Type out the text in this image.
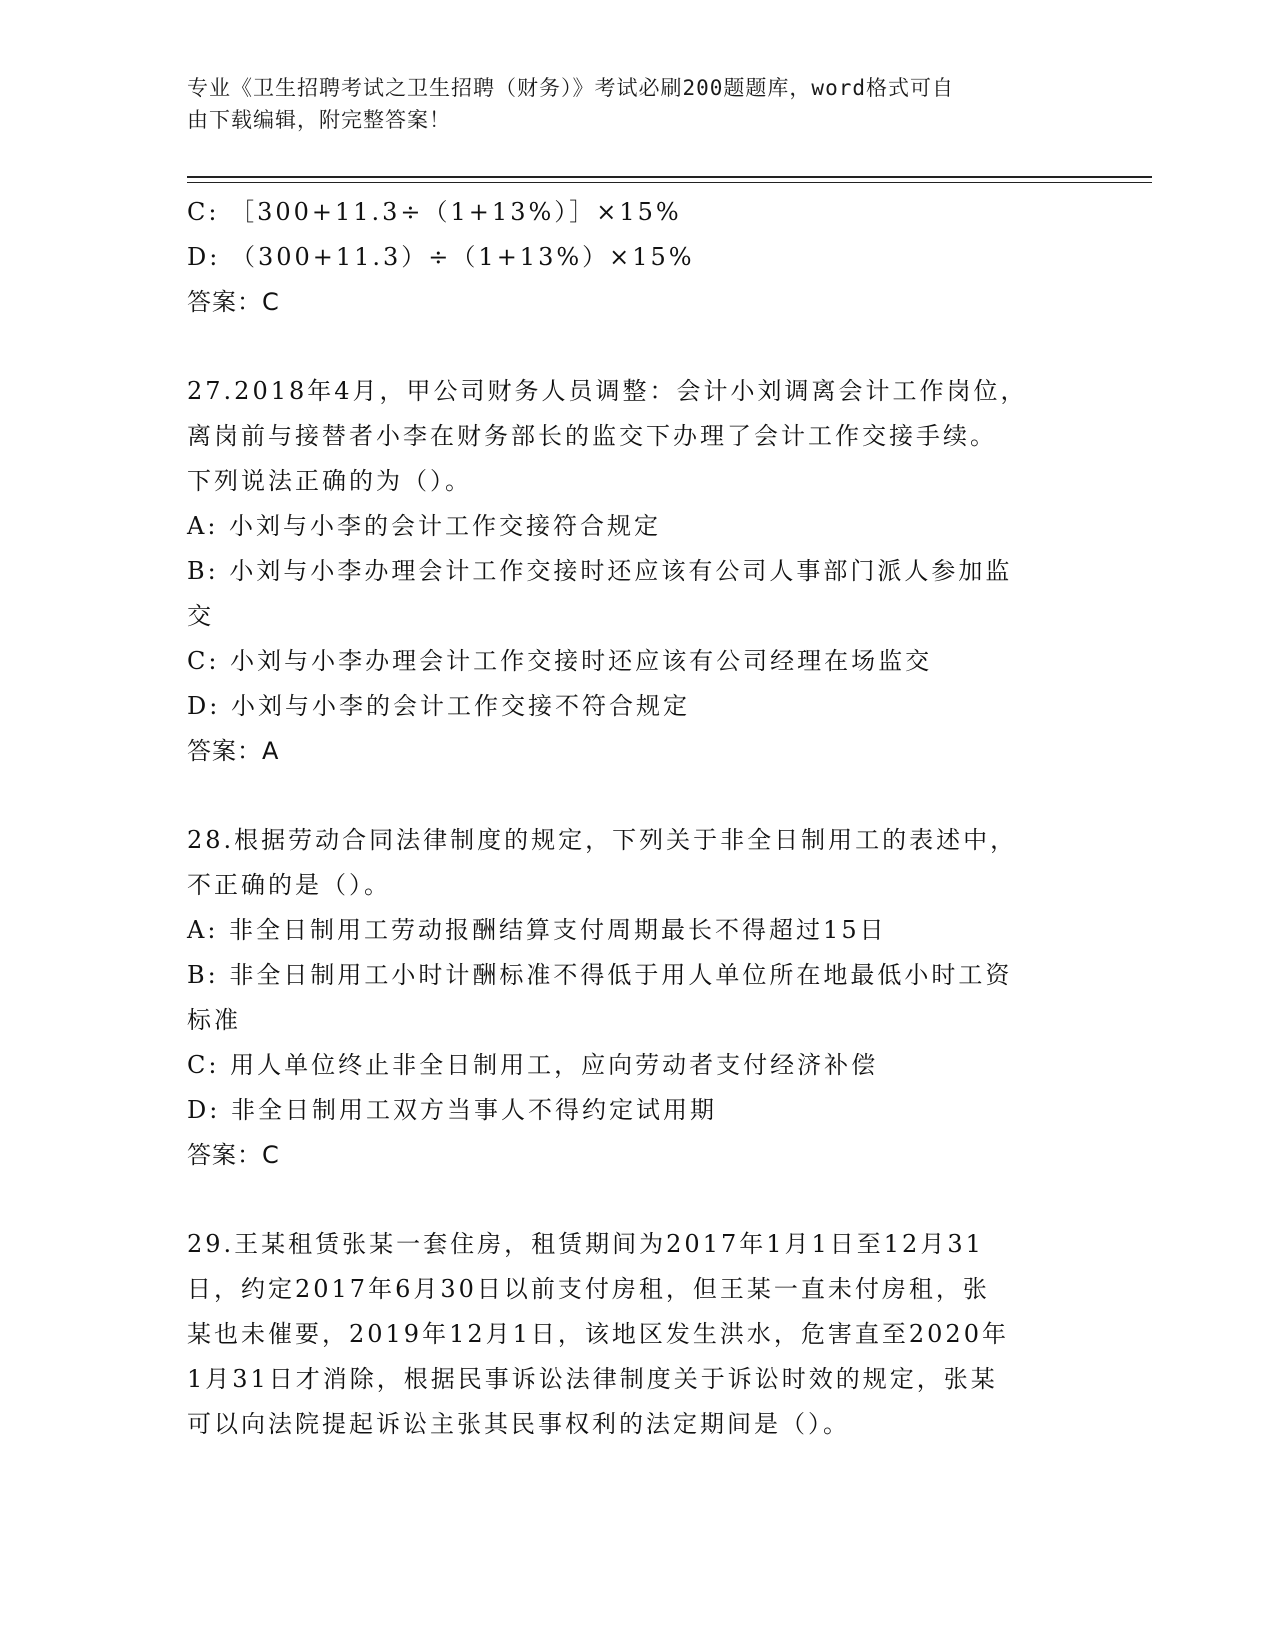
专业《卫生招聘考试之卫生招聘（财务）》考试必刷200题题库，word格式可自
由下载编辑，附完整答案！
C: ［300+11.3÷（1+13%）］×15%
D: （300+11.3）÷（1+13%）×15%
答案：C
27.2018年4月，甲公司财务人员调整：会计小刘调离会计工作岗位，
离岗前与接替者小李在财务部长的监交下办理了会计工作交接手续。
下列说法正确的为（）。
A: 小刘与小李的会计工作交接符合规定
B: 小刘与小李办理会计工作交接时还应该有公司人事部门派人参加监
交
C: 小刘与小李办理会计工作交接时还应该有公司经理在场监交
D: 小刘与小李的会计工作交接不符合规定
答案：A
28.根据劳动合同法律制度的规定，下列关于非全日制用工的表述中，
不正确的是（）。
A: 非全日制用工劳动报酬结算支付周期最长不得超过15日
B: 非全日制用工小时计酬标准不得低于用人单位所在地最低小时工资
标准
C: 用人单位终止非全日制用工，应向劳动者支付经济补偿
D: 非全日制用工双方当事人不得约定试用期
答案：C
29.王某租赁张某一套住房，租赁期间为2017年1月1日至12月31
日，约定2017年6月30日以前支付房租，但王某一直未付房租，张
某也未催要，2019年12月1日，该地区发生洪水，危害直至2020年
1月31日才消除，根据民事诉讼法律制度关于诉讼时效的规定，张某
可以向法院提起诉讼主张其民事权利的法定期间是（）。
